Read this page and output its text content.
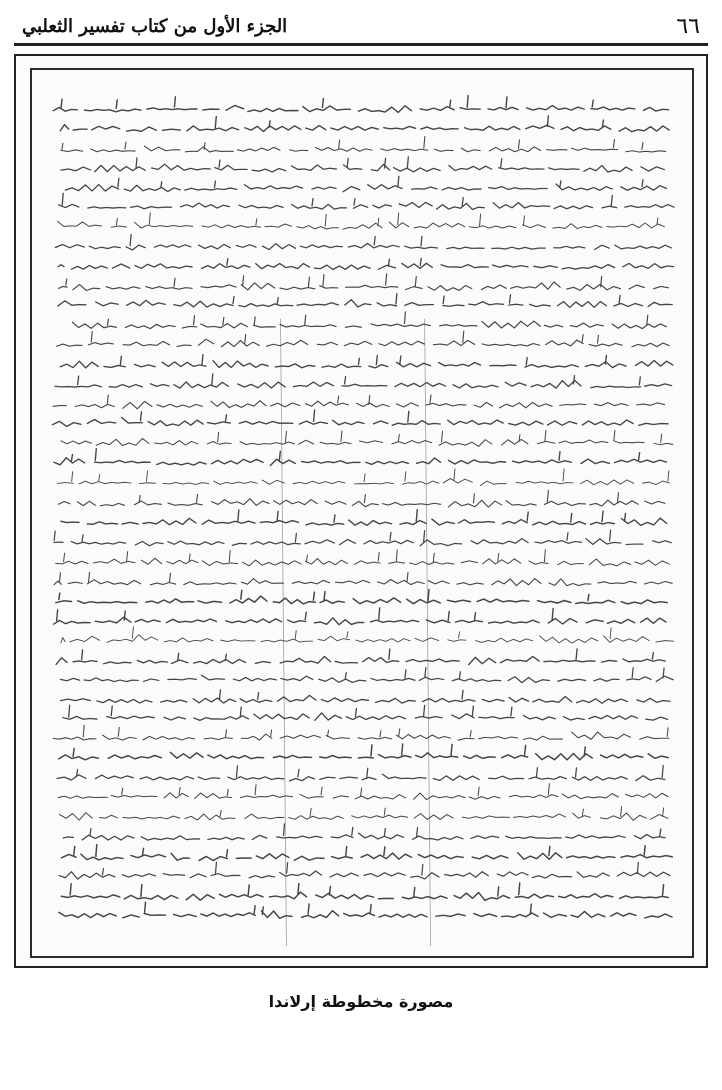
٦٦
الجزء الأول من كتاب تفسير الثعلبي
مصورة مخطوطة إرلاندا
